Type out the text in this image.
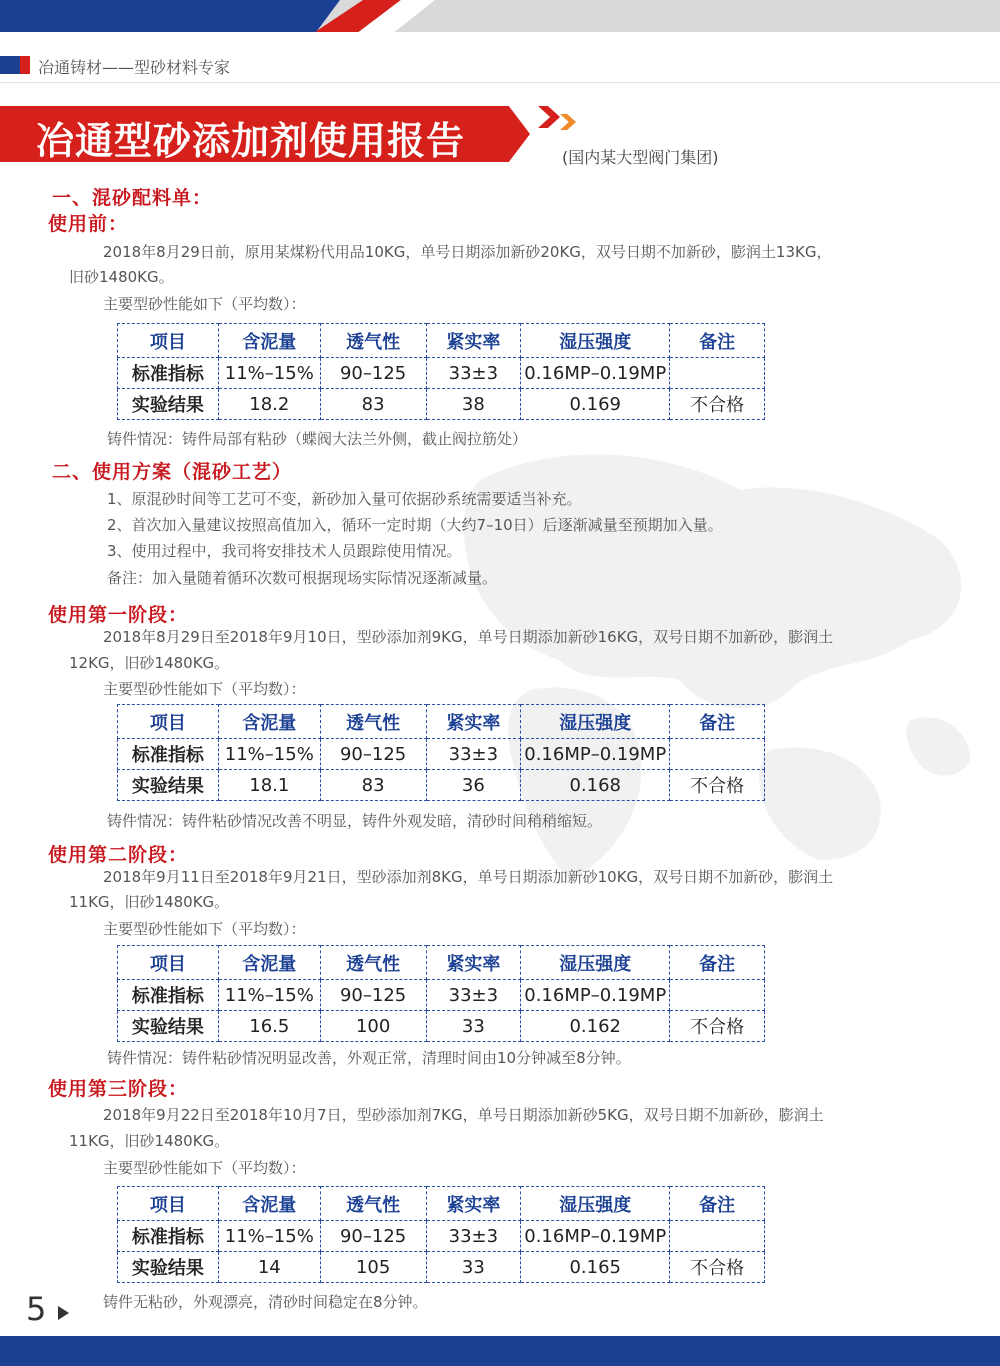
冶通铸材——型砂材料专家
冶通型砂添加剂使用报告	(国内某大型阀门集团)
一、混砂配料单：
使用前：
2018年8月29日前，原用某煤粉代用品10KG，单号日期添加新砂20KG，双号日期不加新砂，膨润土13KG，
旧砂1480KG。
主要型砂性能如下（平均数）：
项目	含泥量	透气性	紧实率	湿压强度	备注
标准指标	11%–15%	90–125	33±3	0.16MP–0.19MP	
实验结果	18.2	83	38	0.169	不合格
铸件情况：铸件局部有粘砂（蝶阀大法兰外侧，截止阀拉筋处）
二、使用方案（混砂工艺）
1、原混砂时间等工艺可不变，新砂加入量可依据砂系统需要适当补充。
2、首次加入量建议按照高值加入，循环一定时期（大约7–10日）后逐渐减量至预期加入量。
3、使用过程中，我司将安排技术人员跟踪使用情况。
备注：加入量随着循环次数可根据现场实际情况逐渐减量。
使用第一阶段：
2018年8月29日至2018年9月10日，型砂添加剂9KG，单号日期添加新砂16KG，双号日期不加新砂，膨润土
12KG，旧砂1480KG。
主要型砂性能如下（平均数）：
项目	含泥量	透气性	紧实率	湿压强度	备注
标准指标	11%–15%	90–125	33±3	0.16MP–0.19MP	
实验结果	18.1	83	36	0.168	不合格
铸件情况：铸件粘砂情况改善不明显，铸件外观发暗，清砂时间稍稍缩短。
使用第二阶段：
2018年9月11日至2018年9月21日，型砂添加剂8KG，单号日期添加新砂10KG，双号日期不加新砂，膨润土
11KG，旧砂1480KG。
主要型砂性能如下（平均数）：
项目	含泥量	透气性	紧实率	湿压强度	备注
标准指标	11%–15%	90–125	33±3	0.16MP–0.19MP	
实验结果	16.5	100	33	0.162	不合格
铸件情况：铸件粘砂情况明显改善，外观正常，清理时间由10分钟减至8分钟。
使用第三阶段：
2018年9月22日至2018年10月7日，型砂添加剂7KG，单号日期添加新砂5KG，双号日期不加新砂，膨润土
11KG，旧砂1480KG。
主要型砂性能如下（平均数）：
项目	含泥量	透气性	紧实率	湿压强度	备注
标准指标	11%–15%	90–125	33±3	0.16MP–0.19MP	
实验结果	14	105	33	0.165	不合格
铸件无粘砂，外观漂亮，清砂时间稳定在8分钟。
5
